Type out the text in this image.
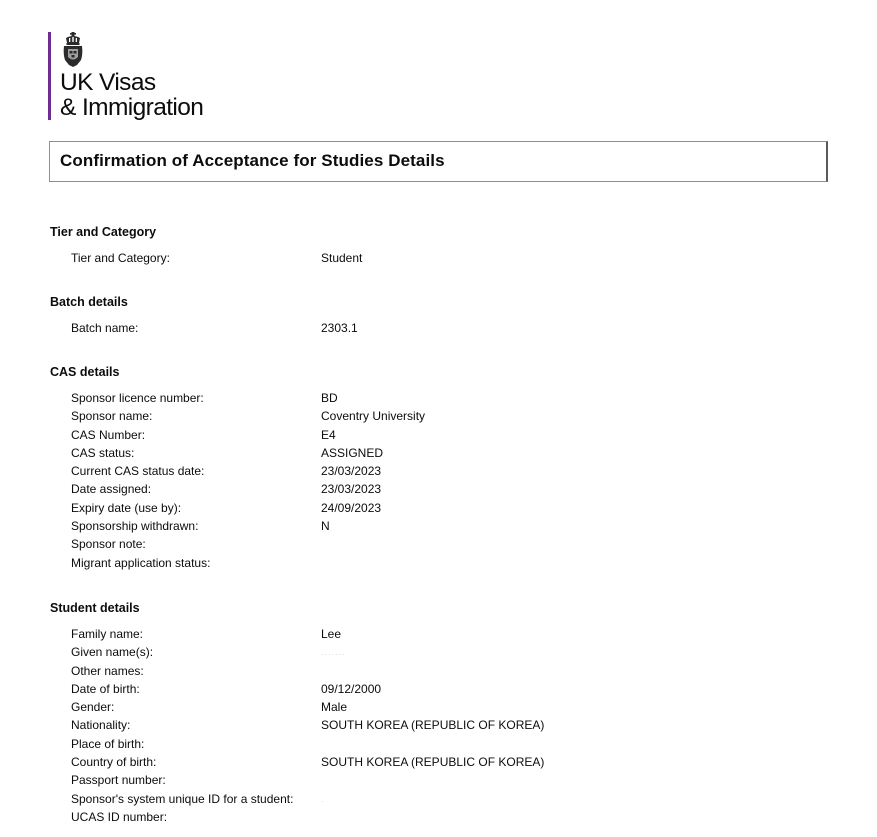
UK Visas
& Immigration
Confirmation of Acceptance for Studies Details
Tier and Category
Tier and Category:	Student
Batch details
Batch name:	2303.1
CAS details
Sponsor licence number:	BD
Sponsor name:	Coventry University
CAS Number:	E4
CAS status:	ASSIGNED
Current CAS status date:	23/03/2023
Date assigned:	23/03/2023
Expiry date (use by):	24/09/2023
Sponsorship withdrawn:	N
Sponsor note:
Migrant application status:
Student details
Family name:	Lee
Given name(s):	.......
Other names:
Date of birth:	09/12/2000
Gender:	Male
Nationality:	SOUTH KOREA (REPUBLIC OF KOREA)
Place of birth:
Country of birth:	SOUTH KOREA (REPUBLIC OF KOREA)
Passport number:
Sponsor's system unique ID for a student:	.
UCAS ID number:
